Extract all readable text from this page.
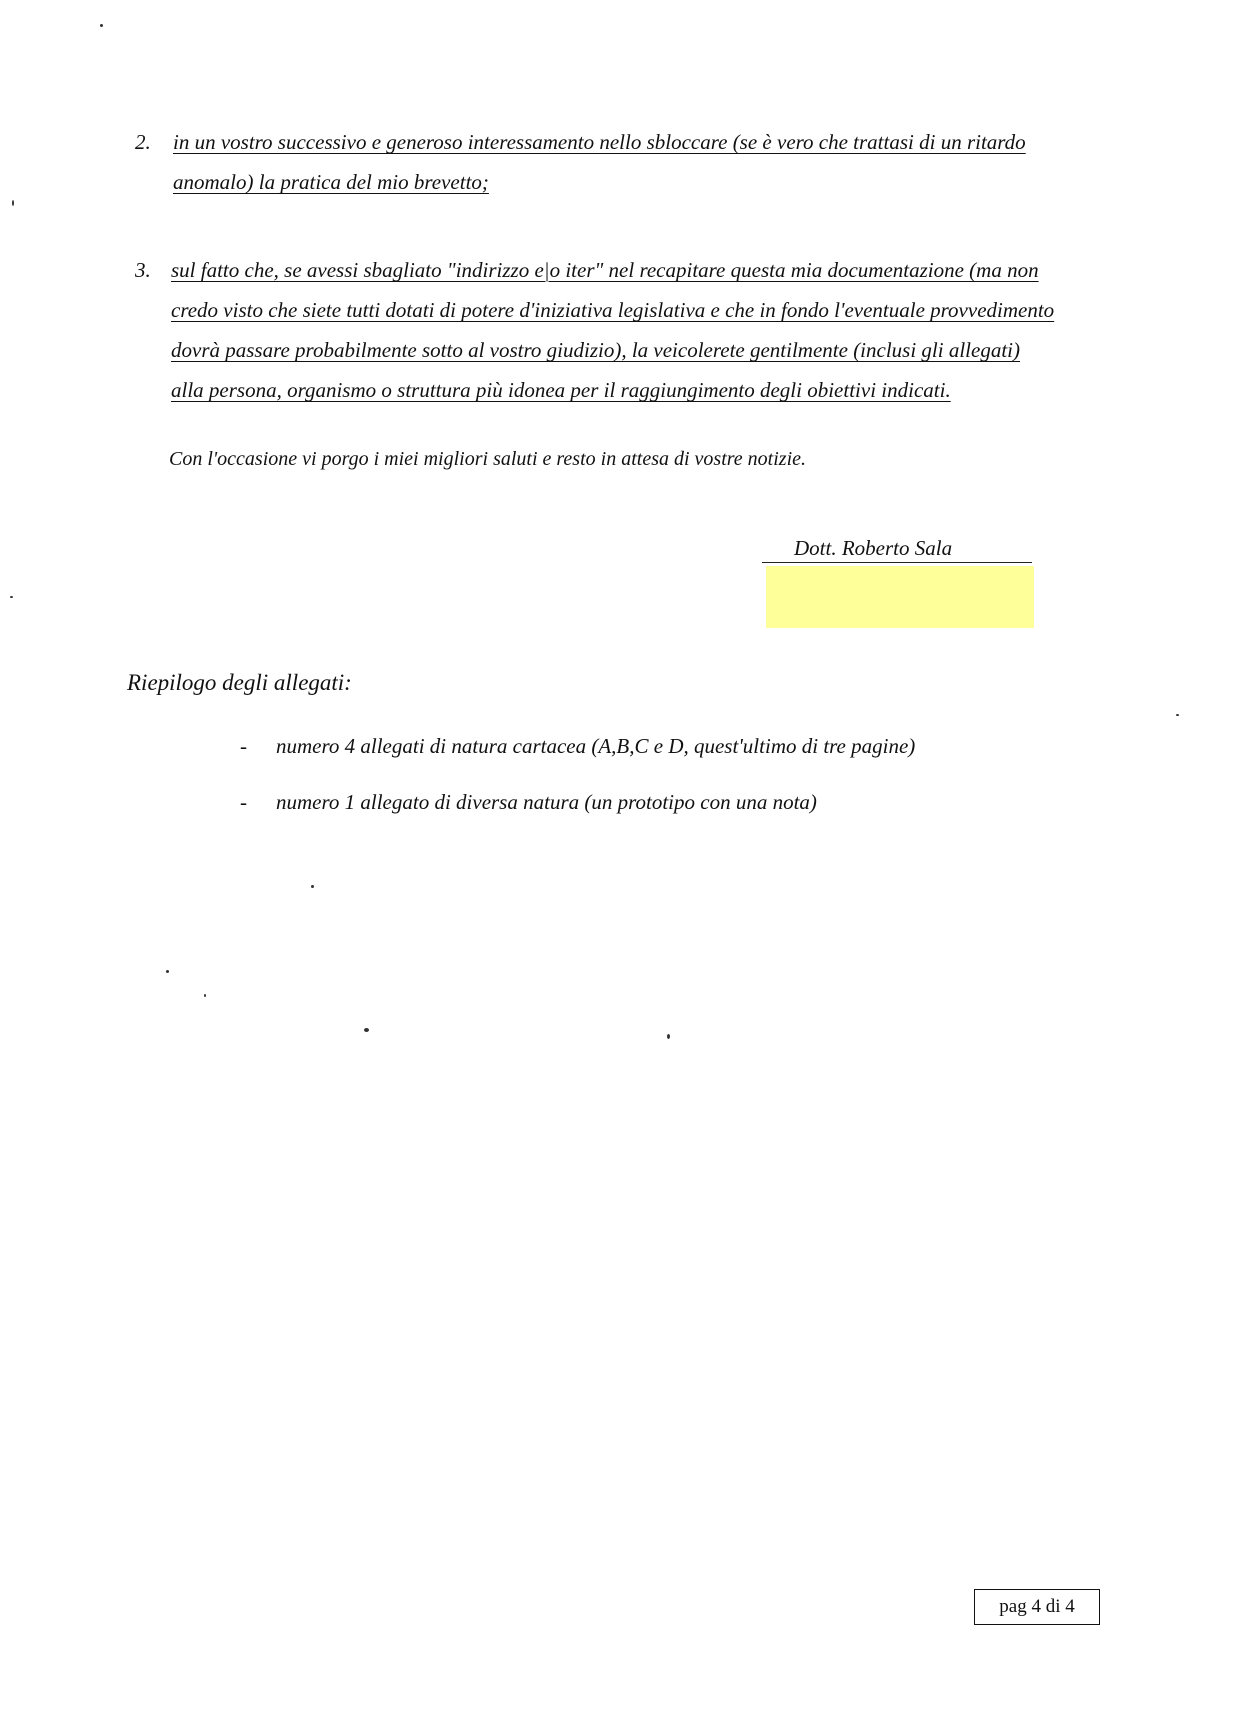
2. in un vostro successivo e generoso interessamento nello sbloccare (se è vero che trattasi di un ritardo
anomalo) la pratica del mio brevetto;
3. sul fatto che, se avessi sbagliato "indirizzo e|o iter" nel recapitare questa mia documentazione (ma non
credo visto che siete tutti dotati di potere d'iniziativa legislativa e che in fondo l'eventuale provvedimento
dovrà passare probabilmente sotto al vostro giudizio), la veicolerete gentilmente (inclusi gli allegati)
alla persona, organismo o struttura più idonea per il raggiungimento degli obiettivi indicati.
Con l'occasione vi porgo i miei migliori saluti e resto in attesa di vostre notizie.
Dott. Roberto Sala
Riepilogo degli allegati:
- numero 4 allegati di natura cartacea (A,B,C e D, quest'ultimo di tre pagine)
- numero 1 allegato di diversa natura (un prototipo con una nota)
pag 4 di 4
